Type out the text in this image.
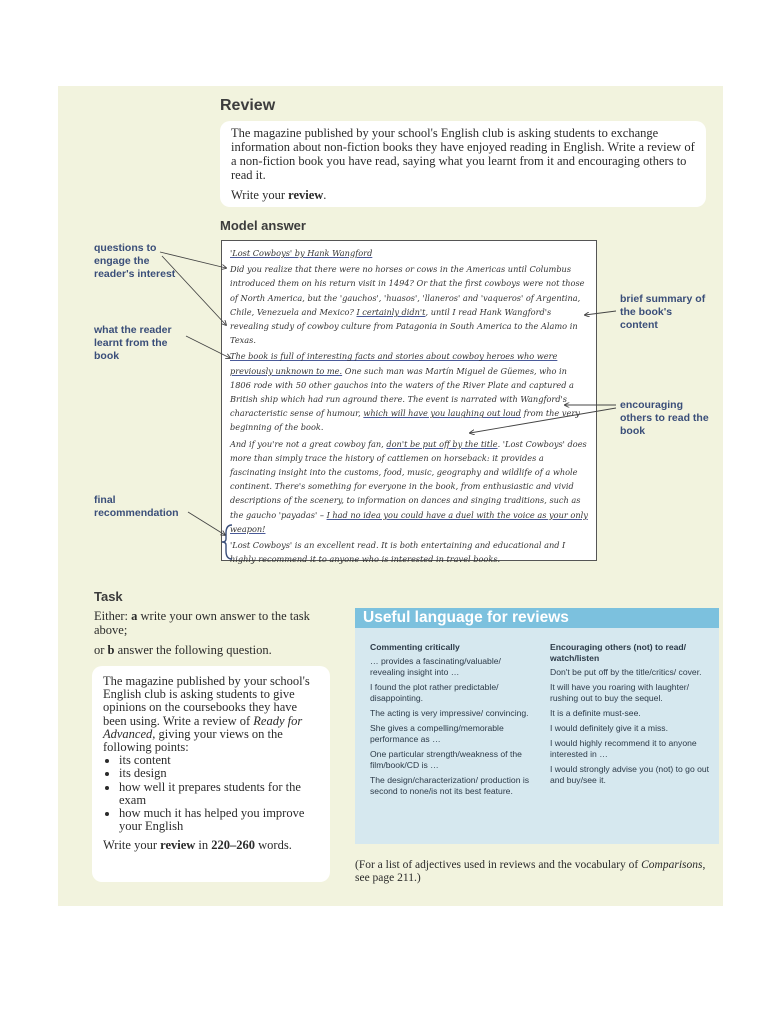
Review
The magazine published by your school's English club is asking students to exchange information about non-fiction books they have enjoyed reading in English. Write a review of a non-fiction book you have read, saying what you learnt from it and encouraging others to read it.
Write your review.
Model answer

'Lost Cowboys' by Hank Wangford

Did you realize that there were no horses or cows in the Americas until Columbus introduced them on his return visit in 1494? Or that the first cowboys were not those of North America, but the 'gauchos', 'huasos', 'llaneros' and 'vaqueros' of Argentina, Chile, Venezuela and Mexico? I certainly didn't, until I read Hank Wangford's revealing study of cowboy culture from Patagonia in South America to the Alamo in Texas.

The book is full of interesting facts and stories about cowboy heroes who were previously unknown to me. One such man was Martín Miguel de Güemes, who in 1806 rode with 50 other gauchos into the waters of the River Plate and captured a British ship which had run aground there. The event is narrated with Wangford's characteristic sense of humour, which will have you laughing out loud from the very beginning of the book.

And if you're not a great cowboy fan, don't be put off by the title. 'Lost Cowboys' does more than simply trace the history of cattlemen on horseback: it provides a fascinating insight into the customs, food, music, geography and wildlife of a whole continent. There's something for everyone in the book, from enthusiastic and vivid descriptions of the scenery, to information on dances and singing traditions, such as the gaucho 'payadas' – I had no idea you could have a duel with the voice as your only weapon!

'Lost Cowboys' is an excellent read. It is both entertaining and educational and I highly recommend it to anyone who is interested in travel books.

questions to engage the reader's interest
what the reader learnt from the book
final recommendation
brief summary of the book's content
encouraging others to read the book
Task
Either: a write your own answer to the task above;
or b answer the following question.
The magazine published by your school's English club is asking students to give opinions on the coursebooks they have been using. Write a review of Ready for Advanced, giving your views on the following points:
• its content
• its design
• how well it prepares students for the exam
• how much it has helped you improve your English
Write your review in 220–260 words.
Useful language for reviews
Commenting critically
… provides a fascinating/valuable/ revealing insight into …
I found the plot rather predictable/ disappointing.
The acting is very impressive/ convincing.
She gives a compelling/memorable performance as …
One particular strength/weakness of the film/book/CD is …
The design/characterization/ production is second to none/is not its best feature.
Encouraging others (not) to read/ watch/listen
Don't be put off by the title/critics/ cover.
It will have you roaring with laughter/ rushing out to buy the sequel.
It is a definite must-see.
I would definitely give it a miss.
I would highly recommend it to anyone interested in …
I would strongly advise you (not) to go out and buy/see it.
(For a list of adjectives used in reviews and the vocabulary of Comparisons, see page 211.)
